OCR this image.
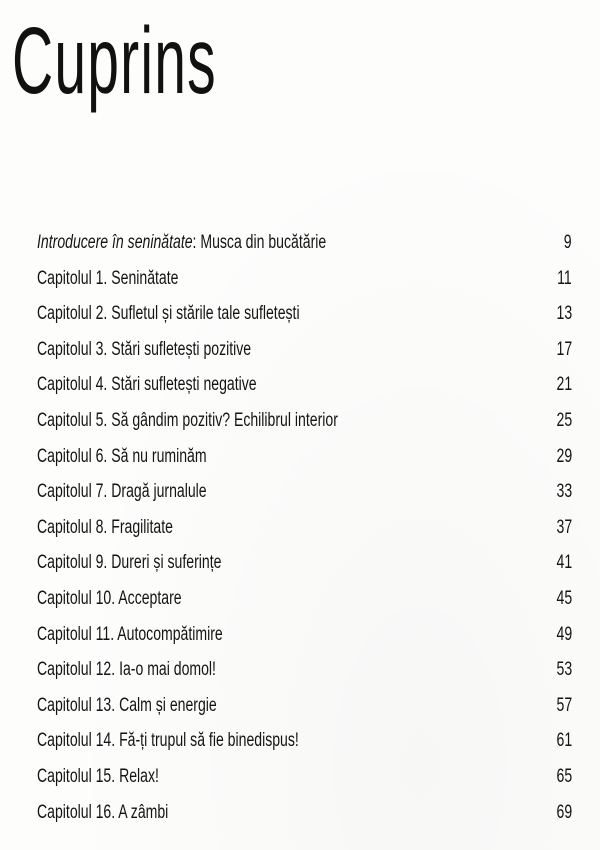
Cuprins
Introducere în seninătate: Musca din bucătărie	9
Capitolul 1. Seninătate	11
Capitolul 2. Sufletul și stările tale sufletești	13
Capitolul 3. Stări sufletești pozitive	17
Capitolul 4. Stări sufletești negative	21
Capitolul 5. Să gândim pozitiv? Echilibrul interior	25
Capitolul 6. Să nu ruminăm	29
Capitolul 7. Dragă jurnalule	33
Capitolul 8. Fragilitate	37
Capitolul 9. Dureri și suferințe	41
Capitolul 10. Acceptare	45
Capitolul 11. Autocompătimire	49
Capitolul 12. Ia-o mai domol!	53
Capitolul 13. Calm și energie	57
Capitolul 14. Fă-ți trupul să fie binedispus!	61
Capitolul 15. Relax!	65
Capitolul 16. A zâmbi	69
